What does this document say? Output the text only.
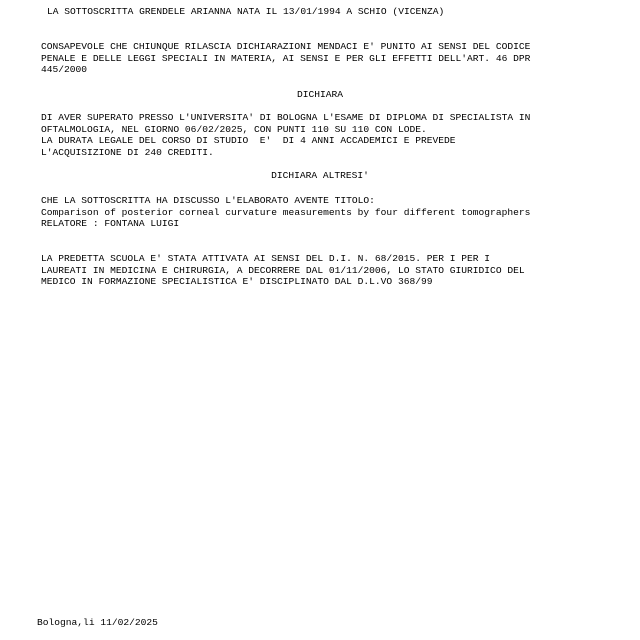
LA SOTTOSCRITTA GRENDELE ARIANNA NATA IL 13/01/1994 A SCHIO (VICENZA)
CONSAPEVOLE CHE CHIUNQUE RILASCIA DICHIARAZIONI MENDACI E' PUNITO AI SENSI DEL CODICE
PENALE E DELLE LEGGI SPECIALI IN MATERIA, AI SENSI E PER GLI EFFETTI DELL'ART. 46 DPR
445/2000
DICHIARA
DI AVER SUPERATO PRESSO L'UNIVERSITA' DI BOLOGNA L'ESAME DI DIPLOMA DI SPECIALISTA IN
OFTALMOLOGIA, NEL GIORNO 06/02/2025, CON PUNTI 110 SU 110 CON LODE.
LA DURATA LEGALE DEL CORSO DI STUDIO  E'  DI 4 ANNI ACCADEMICI E PREVEDE
L'ACQUISIZIONE DI 240 CREDITI.
DICHIARA ALTRESI'
CHE LA SOTTOSCRITTA HA DISCUSSO L'ELABORATO AVENTE TITOLO:
Comparison of posterior corneal curvature measurements by four different tomographers
RELATORE : FONTANA LUIGI
LA PREDETTA SCUOLA E' STATA ATTIVATA AI SENSI DEL D.I. N. 68/2015. PER I PER I
LAUREATI IN MEDICINA E CHIRURGIA, A DECORRERE DAL 01/11/2006, LO STATO GIURIDICO DEL
MEDICO IN FORMAZIONE SPECIALISTICA E' DISCIPLINATO DAL D.L.VO 368/99
Bologna,li 11/02/2025
